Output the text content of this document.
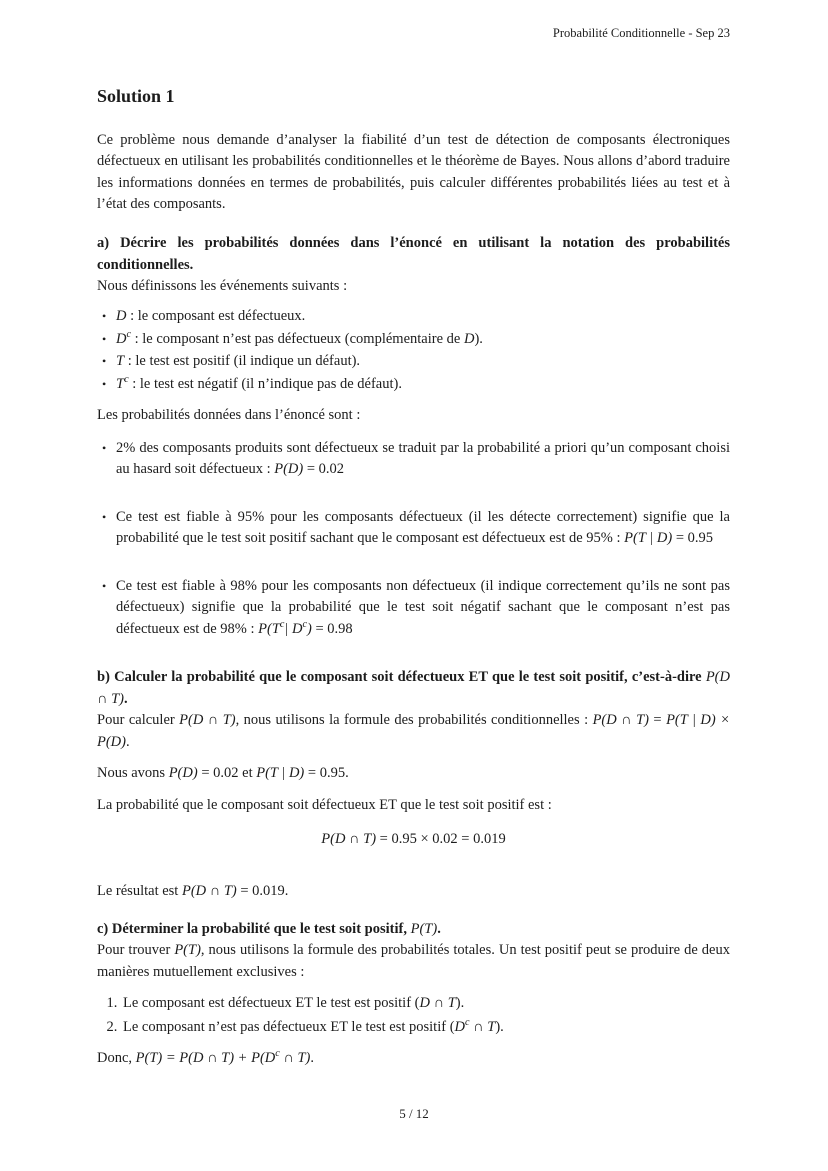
Probabilité Conditionnelle - Sep 23
Solution 1

Ce problème nous demande d’analyser la fiabilité d’un test de détection de composants électroniques défectueux en utilisant les probabilités conditionnelles et le théorème de Bayes. Nous allons d’abord traduire les informations données en termes de probabilités, puis calculer différentes probabilités liées au test et à l’état des composants.

a) Décrire les probabilités données dans l’énoncé en utilisant la notation des probabilités conditionnelles.

Nous définissons les événements suivants :

• D : le composant est défectueux.
• $D^c$ : le composant n’est pas défectueux (complémentaire de D).
• T : le test est positif (il indique un défaut).
• $T^c$ : le test est négatif (il n’indique pas de défaut).

Les probabilités données dans l’énoncé sont :

• 2% des composants produits sont défectueux se traduit par la probabilité a priori qu’un composant choisi au hasard soit défectueux : P(D) = 0.02
• Ce test est fiable à 95% pour les composants défectueux (il les détecte correctement) signifie que la probabilité que le test soit positif sachant que le composant est défectueux est de 95% : P(T | D) = 0.95
• Ce test est fiable à 98% pour les composants non défectueux (il indique correctement qu’ils ne sont pas défectueux) signifie que la probabilité que le test soit négatif sachant que le composant n’est pas défectueux est de 98% : $P(T^c|$ $D^c) = 0.98$

b) Calculer la probabilité que le composant soit défectueux ET que le test soit positif, c’est-à-dire P(D ∩ T).

Pour calculer P(D ∩ T), nous utilisons la formule des probabilités conditionnelles : P(D ∩ T) = P(T | D) × P(D).

Nous avons P(D) = 0.02 et P(T | D) = 0.95.

La probabilité que le composant soit défectueux ET que le test soit positif est :

P(D ∩ T) = 0.95 × 0.02 = 0.019

Le résultat est P(D ∩ T) = 0.019.

c) Déterminer la probabilité que le test soit positif, P(T).

Pour trouver P(T), nous utilisons la formule des probabilités totales. Un test positif peut se produire de deux manières mutuellement exclusives :

1. Le composant est défectueux ET le test est positif (D ∩ T).
2. Le composant n’est pas défectueux ET le test est positif ($D^c$ ∩ T).

Donc, P(T) = P(D ∩ $T) + P(D^c$ ∩ T).

5 / 12
